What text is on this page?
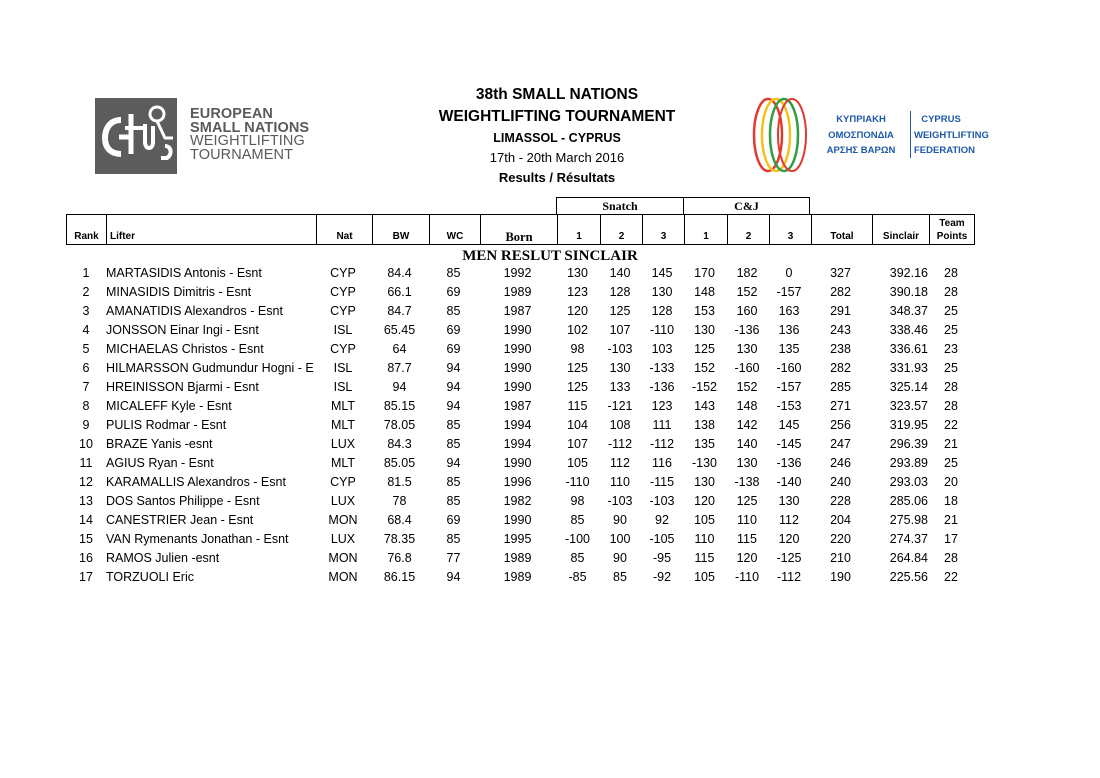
EUROPEAN
SMALL NATIONS
WEIGHTLIFTING
TOURNAMENT
38th SMALL NATIONS
WEIGHTLIFTING TOURNAMENT
LIMASSOL - CYPRUS
17th - 20th March 2016
Results / Résultats
ΚΥΠΡΙΑΚΗ
ΟΜΟΣΠΟΝΔΙΑ
ΑΡΣΗΣ ΒΑΡΩΝ
CYPRUS
WEIGHTLIFTING
FEDERATION
Snatch	C&J
Rank	Lifter	Nat	BW	WC	Born	1	2	3	1	2	3	Total	Sinclair
Team
Points
MEN RESLUT SINCLAIR
1	MARTASIDIS Antonis - Esnt	CYP	84.4	85	1992	130	140	145	170	182	0	327	392.16	28
2	MINASIDIS Dimitris - Esnt	CYP	66.1	69	1989	123	128	130	148	152	-157	282	390.18	28
3	AMANATIDIS Alexandros - Esnt	CYP	84.7	85	1987	120	125	128	153	160	163	291	348.37	25
4	JONSSON Einar Ingi - Esnt	ISL	65.45	69	1990	102	107	-110	130	-136	136	243	338.46	25
5	MICHAELAS Christos - Esnt	CYP	64	69	1990	98	-103	103	125	130	135	238	336.61	23
6	HILMARSSON Gudmundur Hogni - E	ISL	87.7	94	1990	125	130	-133	152	-160	-160	282	331.93	25
7	HREINISSON Bjarmi - Esnt	ISL	94	94	1990	125	133	-136	-152	152	-157	285	325.14	28
8	MICALEFF Kyle - Esnt	MLT	85.15	94	1987	115	-121	123	143	148	-153	271	323.57	28
9	PULIS Rodmar - Esnt	MLT	78.05	85	1994	104	108	111	138	142	145	256	319.95	22
10	BRAZE Yanis -esnt	LUX	84.3	85	1994	107	-112	-112	135	140	-145	247	296.39	21
11	AGIUS Ryan - Esnt	MLT	85.05	94	1990	105	112	116	-130	130	-136	246	293.89	25
12	KARAMALLIS Alexandros - Esnt	CYP	81.5	85	1996	-110	110	-115	130	-138	-140	240	293.03	20
13	DOS Santos Philippe - Esnt	LUX	78	85	1982	98	-103	-103	120	125	130	228	285.06	18
14	CANESTRIER Jean - Esnt	MON	68.4	69	1990	85	90	92	105	110	112	204	275.98	21
15	VAN Rymenants Jonathan - Esnt	LUX	78.35	85	1995	-100	100	-105	110	115	120	220	274.37	17
16	RAMOS Julien -esnt	MON	76.8	77	1989	85	90	-95	115	120	-125	210	264.84	28
17	TORZUOLI Eric	MON	86.15	94	1989	-85	85	-92	105	-110	-112	190	225.56	22
